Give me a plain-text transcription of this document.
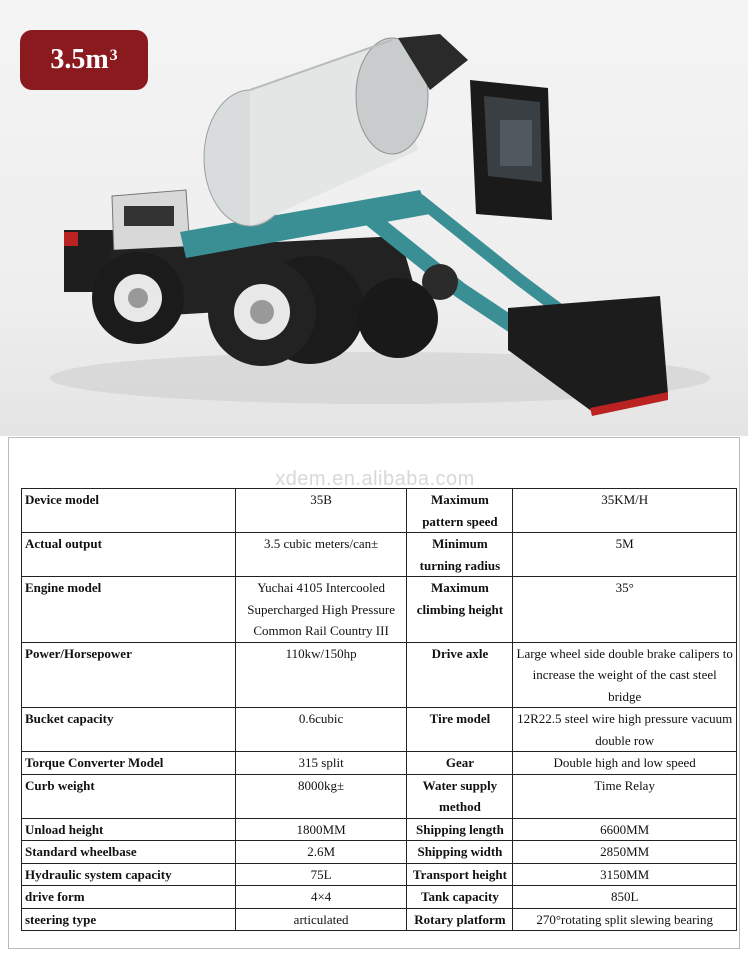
$3.5m^3$
xdem.en.alibaba.com
Device model	35B	Maximum pattern speed	35KM/H
Actual output	3.5 cubic meters/can±	Minimum turning radius	5M
Engine model	Yuchai 4105 Intercooled Supercharged High Pressure Common Rail Country III	Maximum climbing height	35°
Power/Horsepower	110kw/150hp	Drive axle	Large wheel side double brake calipers to increase the weight of the cast steel bridge
Bucket capacity	0.6cubic	Tire model	12R22.5 steel wire high pressure vacuum double row
Torque Converter Model	315 split	Gear	Double high and low speed
Curb weight	8000kg±	Water supply method	Time Relay
Unload height	1800MM	Shipping length	6600MM
Standard wheelbase	2.6M	Shipping width	2850MM
Hydraulic system capacity	75L	Transport height	3150MM
drive form	4×4	Tank capacity	850L
steering type	articulated	Rotary platform	270°rotating split slewing bearing
